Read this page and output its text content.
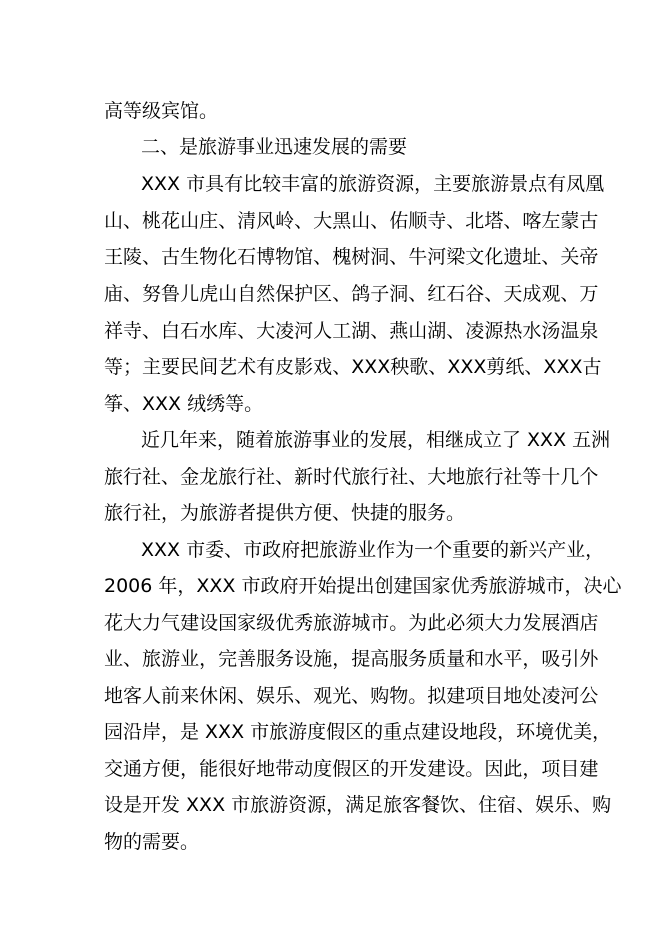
高等级宾馆。
二、是旅游事业迅速发展的需要
XXX 市具有比较丰富的旅游资源，主要旅游景点有凤凰
山 、 桃 花 山 庄 、 清 风 岭 、 大 黑 山 、 佑 顺 寺 、 北 塔 、 喀 左 蒙 古
王 陵 、 古 生 物 化 石 博 物 馆 、 槐 树 洞 、 牛 河 梁 文 化 遗 址 、 关 帝
庙 、 努 鲁 儿 虎 山 自 然 保 护 区 、 鸽 子 洞 、 红 石 谷 、 天 成 观 、 万
祥 寺 、 白 石 水 库 、 大 凌 河 人 工 湖 、 燕 山 湖 、 凌 源 热 水 汤 温 泉
等 ； 主 要 民 间 艺 术 有 皮 影 戏 、 XXX 秧 歌 、 XXX 剪 纸 、 XXX 古
筝、XXX 绒绣等。
近几年来，随着旅游事业的发展，相继成立了 XXX 五洲
旅 行 社 、 金 龙 旅 行 社 、 新 时 代 旅 行 社 、 大 地 旅 行 社 等 十 几 个
旅行社，为旅游者提供方便、快捷的服务。
XXX 市委、市政府把旅游业作为一个重要的新兴产业，
2006 年，XXX 市政府开始提出创建国家优秀旅游城市，决心
花 大 力 气 建 设 国 家 级 优 秀 旅 游 城 市 。 为 此 必 须 大 力 发 展 酒 店
业 、 旅 游 业 ， 完 善 服 务 设 施 ， 提 高 服 务 质 量 和 水 平 ， 吸 引 外
地 客 人 前 来 休 闲 、 娱 乐 、 观 光 、 购 物 。 拟 建 项 目 地 处 凌 河 公
园沿岸，是 XXX 市旅游度假区的重点建设地段，环境优美，
交 通 方 便 ， 能 很 好 地 带 动 度 假 区 的 开 发 建 设 。 因 此 ， 项 目 建
设是开发 XXX 市旅游资源，满足旅客餐饮、住宿、娱乐、购
物的需要。
